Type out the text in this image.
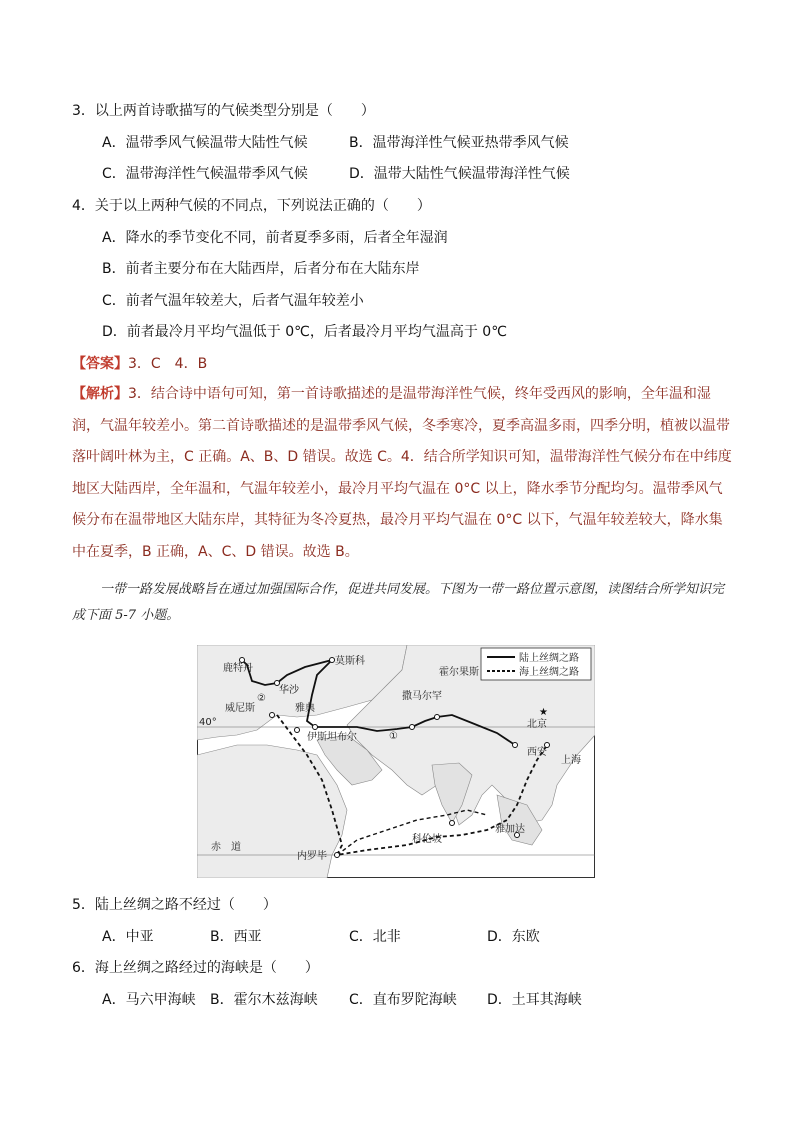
3．以上两首诗歌描写的气候类型分别是（　　）
A．温带季风气候温带大陆性气候	B．温带海洋性气候亚热带季风气候
C．温带海洋性气候温带季风气候	D．温带大陆性气候温带海洋性气候
4．关于以上两种气候的不同点，下列说法正确的（　　）
A．降水的季节变化不同，前者夏季多雨，后者全年湿润
B．前者主要分布在大陆西岸，后者分布在大陆东岸
C．前者气温年较差大，后者气温年较差小
D．前者最冷月平均气温低于 0℃，后者最冷月平均气温高于 0℃
【答案】3．C　4．B
【解析】3．结合诗中语句可知，第一首诗歌描述的是温带海洋性气候，终年受西风的影响，全年温和湿润，气温年较差小。第二首诗歌描述的是温带季风气候，冬季寒冷，夏季高温多雨，四季分明，植被以温带落叶阔叶林为主，C 正确。A、B、D 错误。故选 C。4．结合所学知识可知，温带海洋性气候分布在中纬度地区大陆西岸，全年温和，气温年较差小，最冷月平均气温在 0°C 以上，降水季节分配均匀。温带季风气候分布在温带地区大陆东岸，其特征为冬冷夏热，最冷月平均气温在 0°C 以下，气温年较差较大，降水集中在夏季，B 正确，A、C、D 错误。故选 B。
一带一路发展战略旨在通过加强国际合作，促进共同发展。下图为一带一路位置示意图，读图结合所学知识完成下面 5-7 小题。
陆上丝绸之路
海上丝绸之路
★
莫斯科
鹿特丹
华沙
威尼斯	雅典
伊斯坦布尔
撒马尔罕
霍尔果斯
北京
西安
上海
科伦坡
雅加达
内罗毕
赤　道
40°
①
②
5．陆上丝绸之路不经过（　　）
A．中亚	B．西亚	C．北非	D．东欧
6．海上丝绸之路经过的海峡是（　　）
A．马六甲海峡 B．霍尔木兹海峡 C．直布罗陀海峡 D．土耳其海峡
